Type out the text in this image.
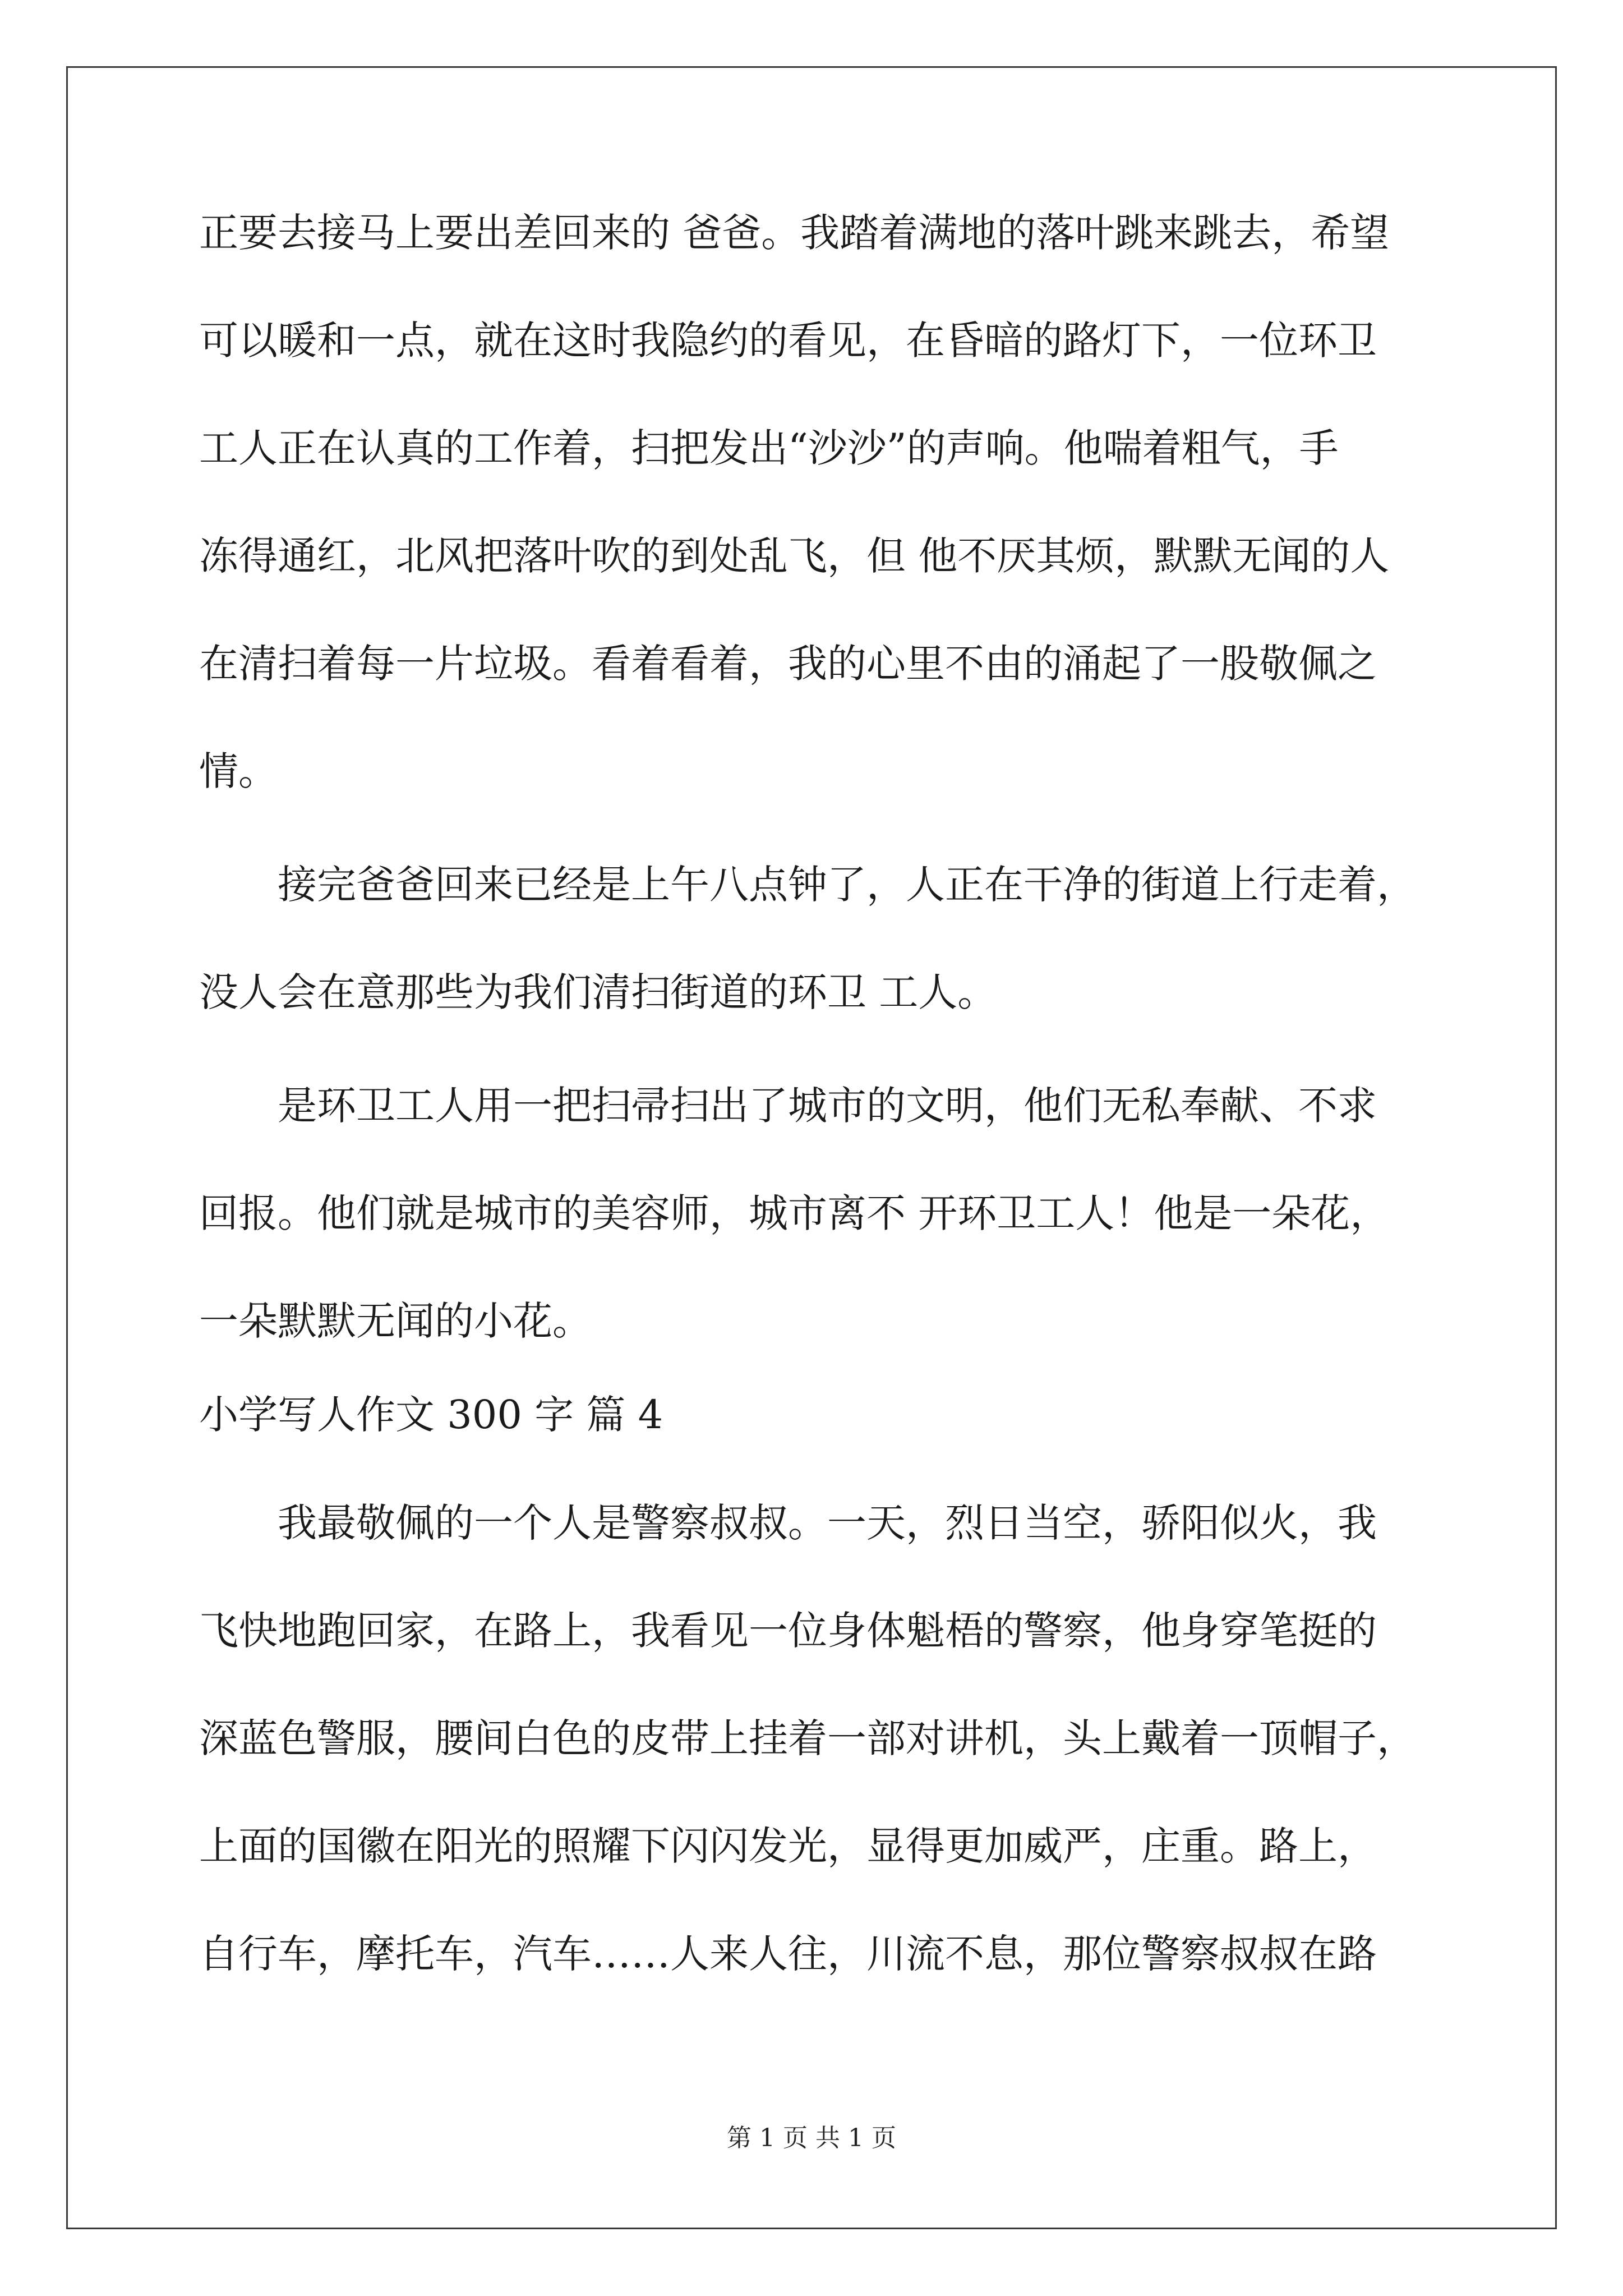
正要去接马上要出差回来的 爸爸。我踏着满地的落叶跳来跳去，希望
可以暖和一点，就在这时我隐约的看见，在昏暗的路灯下，一位环卫
工人正在认真的工作着，扫把发出“沙沙”的声响。他喘着粗气，手
冻得通红，北风把落叶吹的到处乱飞，但 他不厌其烦，默默无闻的人
在清扫着每一片垃圾。看着看着，我的心里不由的涌起了一股敬佩之
情。
　　接完爸爸回来已经是上午八点钟了，人正在干净的街道上行走着，
没人会在意那些为我们清扫街道的环卫 工人。
　　是环卫工人用一把扫帚扫出了城市的文明，他们无私奉献、不求
回报。他们就是城市的美容师，城市离不 开环卫工人！他是一朵花，
一朵默默无闻的小花。
小学写人作文 300 字 篇 4
　　我最敬佩的一个人是警察叔叔。一天，烈日当空，骄阳似火，我
飞快地跑回家，在路上，我看见一位身体魁梧的警察，他身穿笔挺的
深蓝色警服，腰间白色的皮带上挂着一部对讲机，头上戴着一顶帽子，
上面的国徽在阳光的照耀下闪闪发光，显得更加威严，庄重。路上，
自行车，摩托车，汽车……人来人往，川流不息，那位警察叔叔在路
第 1 页 共 1 页
